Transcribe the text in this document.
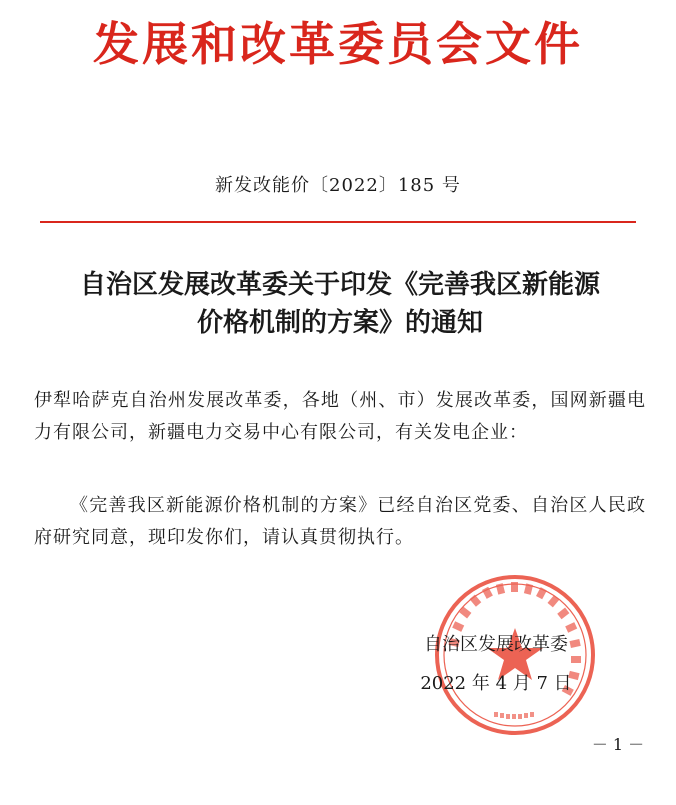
发展和改革委员会文件
新发改能价〔2022〕185 号
自治区发展改革委关于印发《完善我区新能源
价格机制的方案》的通知
伊犁哈萨克自治州发展改革委，各地（州、市）发展改革委，国网新疆电力有限公司，新疆电力交易中心有限公司，有关发电企业：
《完善我区新能源价格机制的方案》已经自治区党委、自治区人民政府研究同意，现印发你们，请认真贯彻执行。
自治区发展改革委
2022 年 4 月 7 日
－ 1 －
